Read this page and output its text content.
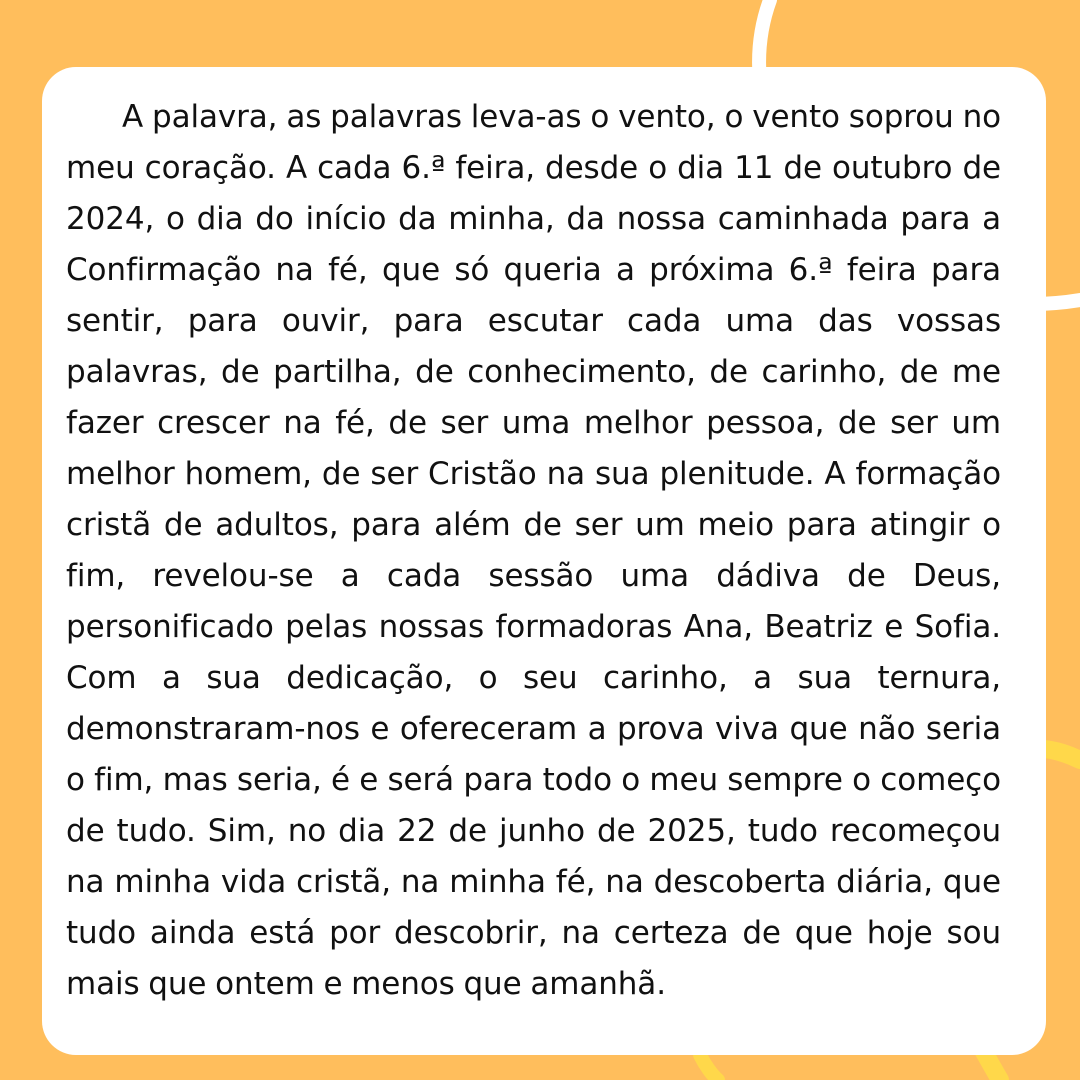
A palavra, as palavras leva-as o vento, o vento soprou no meu coração. A cada 6.ª feira, desde o dia 11 de outubro de 2024, o dia do início da minha, da nossa caminhada para a Confirmação na fé, que só queria a próxima 6.ª feira para sentir, para ouvir, para escutar cada uma das vossas palavras, de partilha, de conhecimento, de carinho, de me fazer crescer na fé, de ser uma melhor pessoa, de ser um melhor homem, de ser Cristão na sua plenitude. A formação cristã de adultos, para além de ser um meio para atingir o fim, revelou-se a cada sessão uma dádiva de Deus, personificado pelas nossas formadoras Ana, Beatriz e Sofia. Com a sua dedicação, o seu carinho, a sua ternura, demonstraram-nos e ofereceram a prova viva que não seria o fim, mas seria, é e será para todo o meu sempre o começo de tudo. Sim, no dia 22 de junho de 2025, tudo recomeçou na minha vida cristã, na minha fé, na descoberta diária, que tudo ainda está por descobrir, na certeza de que hoje sou mais que ontem e menos que amanhã.
